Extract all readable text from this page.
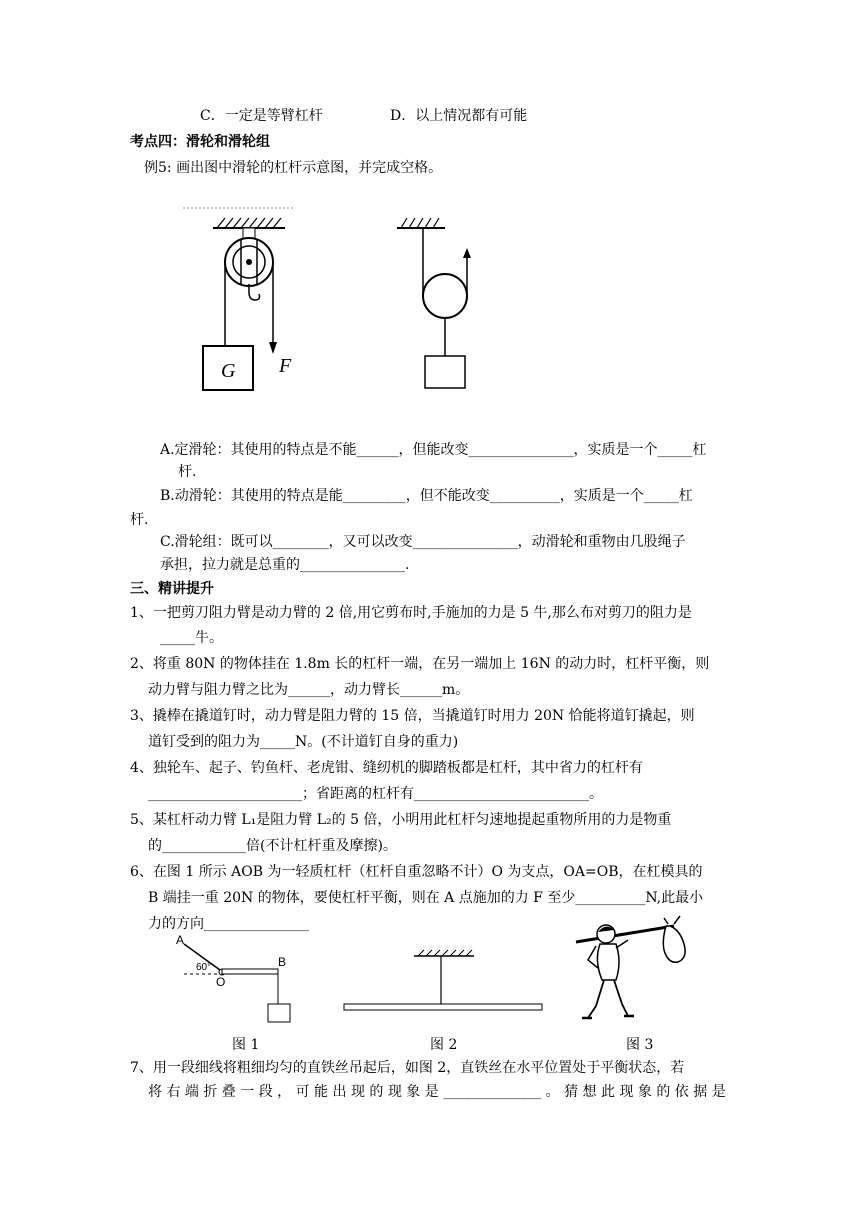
C．一定是等臂杠杆	D．以上情况都有可能
考点四：滑轮和滑轮组
例5: 画出图中滑轮的杠杆示意图，并完成空格。
G F
A.定滑轮：其使用的特点是不能______，但能改变_______________，实质是一个_____杠
杆.
B.动滑轮：其使用的特点是能_________，但不能改变__________，实质是一个_____杠
杆.
C.滑轮组：既可以________，又可以改变_______________，动滑轮和重物由几股绳子
承担，拉力就是总重的_______________.
三、精讲提升
1、一把剪刀阻力臂是动力臂的 2 倍,用它剪布时,手施加的力是 5 牛,那么布对剪刀的阻力是
_____牛。
2、将重 80N 的物体挂在 1.8m 长的杠杆一端，在另一端加上 16N 的动力时，杠杆平衡，则
动力臂与阻力臂之比为______，动力臂长______m。
3、撬棒在撬道钉时，动力臂是阻力臂的 15 倍，当撬道钉时用力 20N 恰能将道钉撬起，则
道钉受到的阻力为_____N。(不计道钉自身的重力)
4、独轮车、起子、钓鱼杆、老虎钳、缝纫机的脚踏板都是杠杆，其中省力的杠杆有
______________________；省距离的杠杆有_________________________。
5、某杠杆动力臂 L₁是阻力臂 L₂的 5 倍，小明用此杠杆匀速地提起重物所用的力是物重
的____________倍(不计杠杆重及摩擦)。
6、在图 1 所示 AOB 为一轻质杠杆（杠杆自重忽略不计）O 为支点，OA=OB，在杠模具的
B 端挂一重 20N 的物体，要使杠杆平衡，则在 A 点施加的力 F 至少__________N,此最小
力的方向_______________
A
60°
O
B
图 1	图 2	图 3
7、用一段细线将粗细均匀的直铁丝吊起后，如图 2，直铁丝在水平位置处于平衡状态，若
将 右 端 折 叠 一 段 ， 可 能 出 现 的 现 象 是 ______________ 。 猜 想 此 现 象 的 依 据 是
